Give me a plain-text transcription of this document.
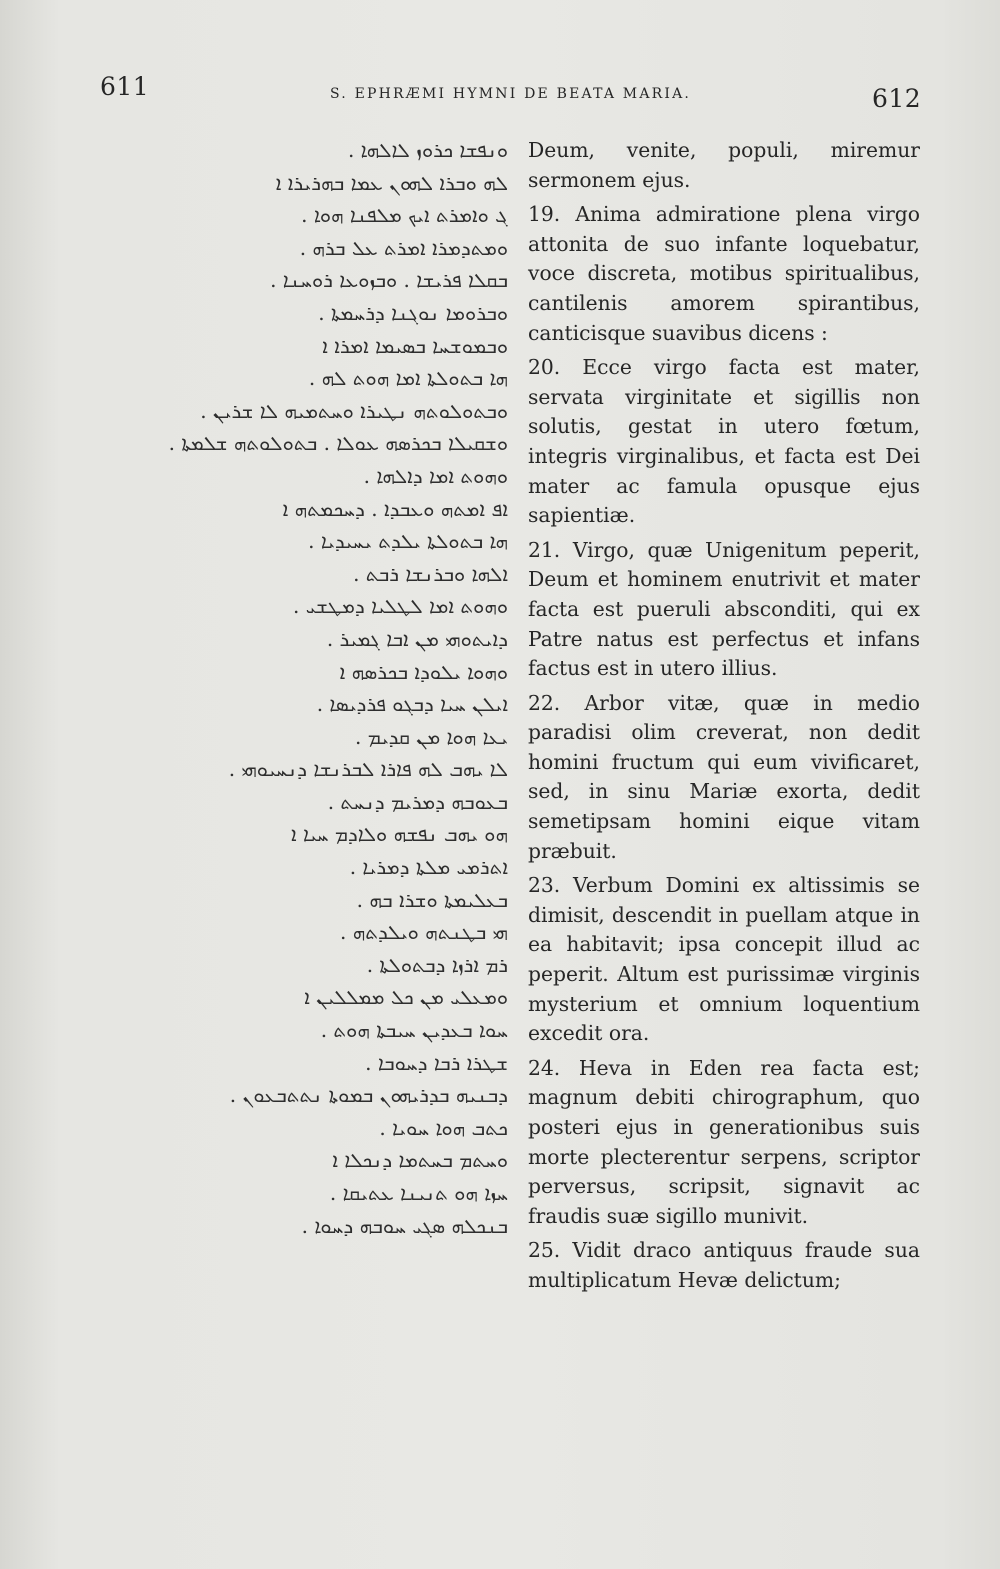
611	S. EPHRÆMI HYMNI DE BEATA MARIA.	612
ܘܢܦܫܐ ܟܪܘܙ ܠܐܠܗܐ .
ܠܗ ܘܒܪܐ ܠܗܘܢ ܥܡܐ ܒܗܪܝܪܐ ܐ
ܓ ܘܐܡܪܬ ܐܝܟ ܡܠܦܢܐ ܗܘܐ .
ܘܡܬܕܡܪܐ ܐܡܪܬ ܥܠ ܒܪܗ .
ܒܩܠܐ ܦܪܝܫܐ . ܘܒܙܘܥܐ ܪܘܚܢܐ .
ܘܒܪܘܡܐ ܢܘܓܢܐ ܕܪܚܡܬܐ .
ܘܒܡܘܫܚܐ ܒܣܝܡܐ ܐܡܪܐ ܐ
ܗܐ ܒܬܘܠܬܐ ܐܡܐ ܗܘܬ ܠܗ .
ܘܒܬܘܠܘܬܗ ܢܛܝܪܐ ܘܚܬܡܝܗ ܠܐ ܫܪܝܢ .
ܘܫܩܝܠܐ ܒܟܪܣܗ ܥܘܠܐ . ܒܬܘܠܘܬܗ ܫܠܡܬܐ .
ܘܗܘܬ ܐܡܐ ܕܐܠܗܐ .
ܐܦ ܐܡܬܗ ܘܥܒܕܐ . ܕܚܟܡܬܗ ܐ
ܗܐ ܒܬܘܠܬܐ ܝܠܕܬ ܝܚܝܕܝܐ .
ܐܠܗܐ ܘܒܪܢܫܐ ܪܒܬ .
ܘܗܘܬ ܐܡܐ ܠܛܠܝܐ ܕܡܛܫܝ .
ܕܐܝܬܘܗܝ ܡܢ ܐܒܐ ܓܡܝܪ .
ܘܗܘܐ ܝܠܘܕܐ ܒܟܪܣܗ ܐ
ܐܝܠܢ ܚܝܐ ܕܒܓܘ ܦܪܕܝܣܐ .
ܝܥܐ ܗܘܐ ܡܢ ܩܕܝܡ .
ܠܐ ܝܗܒ ܠܗ ܦܐܪܐ ܠܒܪܢܫܐ ܕܢܚܝܘܗܝ .
ܒܥܘܒܗ ܕܡܪܝܡ ܕܢܚܬ .
ܗܘ ܝܗܒ ܢܦܫܗ ܘܠܐܕܡ ܚܝܐ ܐ
ܐܬܪܡܝ ܡܠܬܐ ܕܡܪܝܐ .
ܒܥܠܝܡܬܐ ܘܫܪܐ ܒܗ .
ܗܝ ܒܛܢܬܗ ܘܝܠܕܬܗ .
ܪܡ ܐܪܙܐ ܕܒܬܘܠܬܐ .
ܘܡܥܠܝ ܡܢ ܟܠ ܡܡܠܠܝܢ ܐ
ܚܘܐ ܒܥܕܝܢ ܚܝܒܬܐ ܗܘܬ .
ܫܛܪܐ ܪܒܐ ܕܚܘܒܐ .
ܕܒܢܝܗ ܒܕܪܝܗܘܢ ܒܡܘܬܐ ܢܬܬܒܥܘܢ .
ܟܬܒ ܗܘܐ ܚܘܝܐ .
ܘܚܬܡ ܒܚܬܡܐ ܕܢܟܠܐ ܐ
ܚܙܐ ܗܘ ܬܢܝܢܐ ܥܬܝܩܐ .
ܒܢܟܠܗ ܣܓܝ ܚܘܒܗ ܕܚܘܐ .
Deum, venite, populi, miremur sermonem ejus.
19. Anima admiratione plena virgo attonita de suo infante loquebatur, voce discreta, motibus spiritualibus, cantilenis amorem spirantibus, canticisque suavibus dicens :
20. Ecce virgo facta est mater, servata virginitate et sigillis non solutis, gestat in utero fœtum, integris virginalibus, et facta est Dei mater ac famula opusque ejus sapientiæ.
21. Virgo, quæ Unigenitum peperit, Deum et hominem enutrivit et mater facta est pueruli absconditi, qui ex Patre natus est perfectus et infans factus est in utero illius.
22. Arbor vitæ, quæ in medio paradisi olim creverat, non dedit homini fructum qui eum vivificaret, sed, in sinu Mariæ exorta, dedit semetipsam homini eique vitam præbuit.
23. Verbum Domini ex altissimis se dimisit, descendit in puellam atque in ea habitavit; ipsa concepit illud ac peperit. Altum est purissimæ virginis mysterium et omnium loquentium excedit ora.
24. Heva in Eden rea facta est; magnum debiti chirographum, quo posteri ejus in generationibus suis morte plecterentur serpens, scriptor perversus, scripsit, signavit ac fraudis suæ sigillo munivit.
25. Vidit draco antiquus fraude sua multiplicatum Hevæ delictum;
